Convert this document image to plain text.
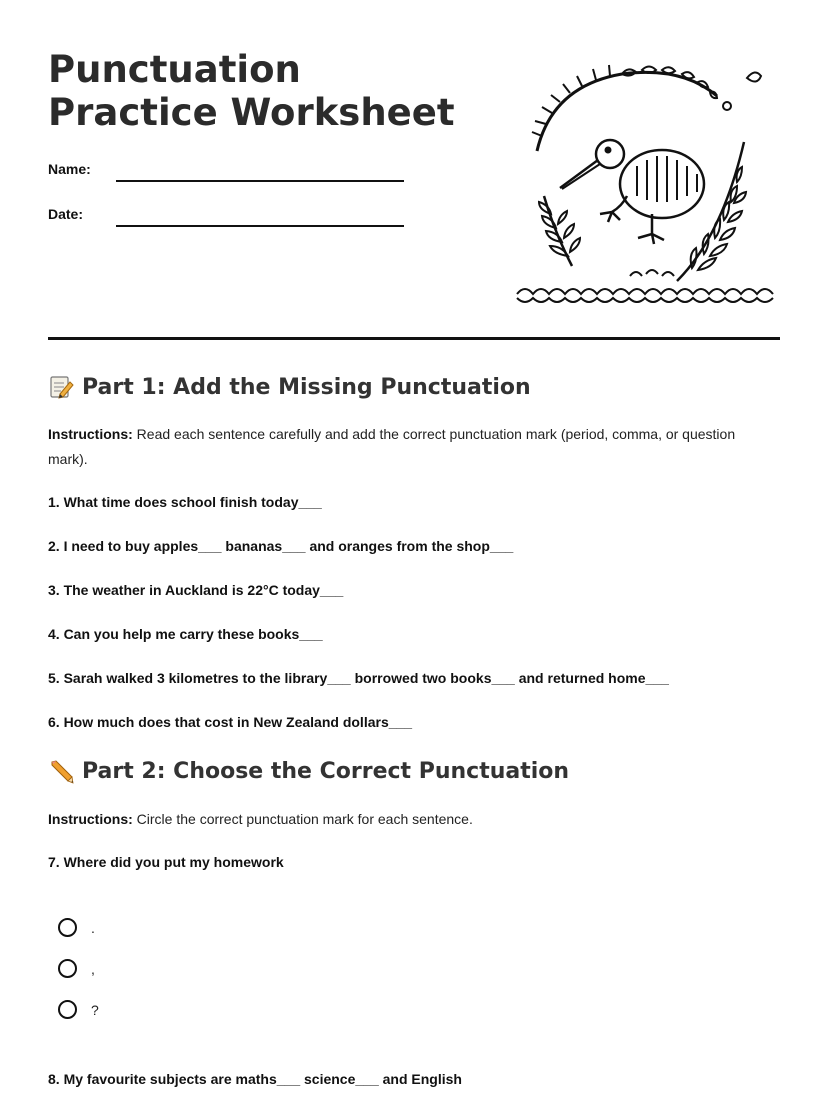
Punctuation Practice Worksheet
Name:
Date:
Part 1: Add the Missing Punctuation
Instructions: Read each sentence carefully and add the correct punctuation mark (period, comma, or question mark).
1. What time does school finish today___
2. I need to buy apples___ bananas___ and oranges from the shop___
3. The weather in Auckland is 22°C today___
4. Can you help me carry these books___
5. Sarah walked 3 kilometres to the library___ borrowed two books___ and returned home___
6. How much does that cost in New Zealand dollars___
Part 2: Choose the Correct Punctuation
Instructions: Circle the correct punctuation mark for each sentence.
7. Where did you put my homework
.
,
?
8. My favourite subjects are maths___ science___ and English
